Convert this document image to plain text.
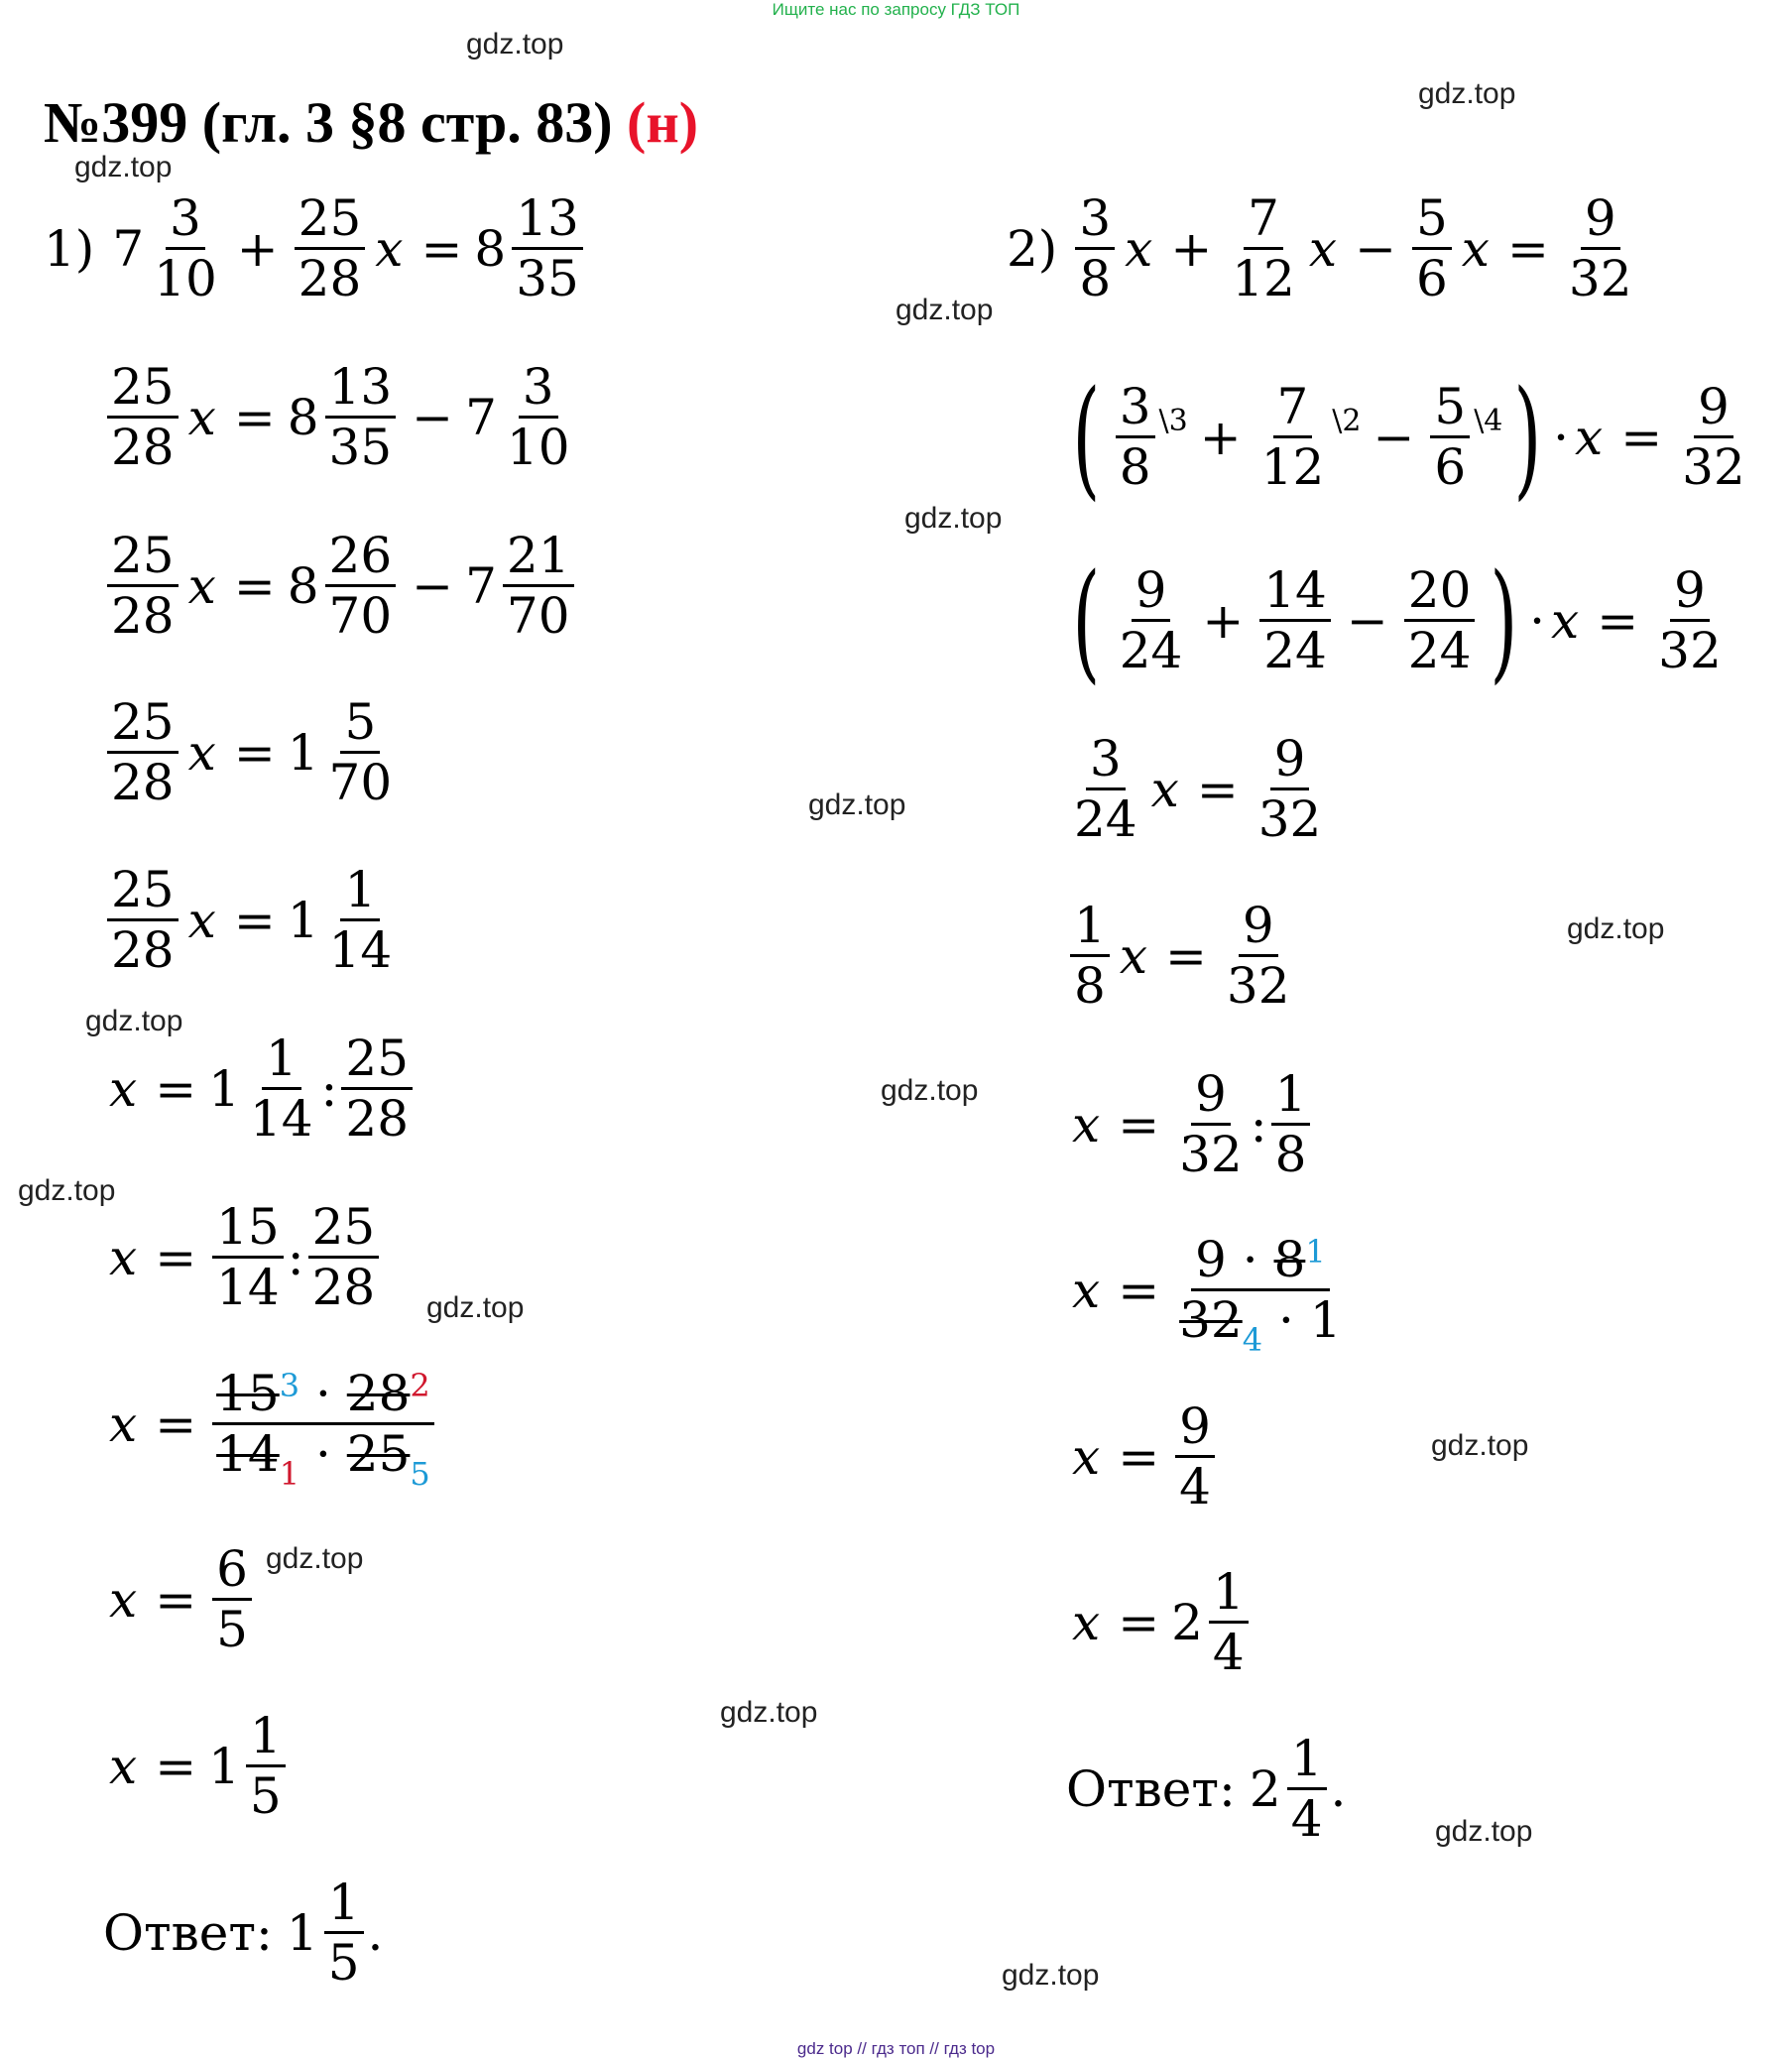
Ищите нас по запросу ГДЗ ТОП
gdz.top
gdz.top
gdz.top
gdz.top
gdz.top
gdz.top
gdz.top
gdz.top
gdz.top
gdz.top
gdz.top
gdz.top
gdz.top
gdz.top
gdz.top
gdz.top
№399 (гл. 3 §8 стр. 83) (н)
1) $7 \frac{3}{10} + \frac{25}{28}$ $x = 8 \frac{13}{35}$
$\frac{25}{28}$ $x = 8 \frac{13}{35} - 7 \frac{3}{10}$
$\frac{25}{28}$ $x = 8 \frac{26}{70} - 7 \frac{21}{70}$
$\frac{25}{28}$ $x = 1 \frac{5}{70}$
$\frac{25}{28}$ $x = 1 \frac{1}{14}$
$x = 1 \frac{1}{14}$ : $\frac{25}{28}$
$x = \frac{15}{14}$ : $\frac{25}{28}$
$x = \frac{15^3 \cdot 28^2}{14_1 \cdot 25_5}$
$x = \frac{6}{5}$
$x = 1 \frac{1}{5}$
Ответ: $1 \frac{1}{5}$ .
$2) \frac{3}{8}$ $x + \frac{7}{12}$ $x - \frac{5}{6}$ $x = \frac{9}{32}$
( $\frac{3}{8}$ \3 + $\frac{7}{12}$ \2 − $\frac{5}{6}$ \4 ) · $x = \frac{9}{32}$
( $\frac{9}{24} + \frac{14}{24} - \frac{20}{24}$ ) · $x = \frac{9}{32}$
$\frac{3}{24}$ $x = \frac{9}{32}$
$\frac{1}{8}$ $x = \frac{9}{32}$
$x = \frac{9}{32}$ : $\frac{1}{8}$
$x = \frac{9 \cdot 8^1}{32_4 \cdot 1}$
$x = \frac{9}{4}$
$x = 2 \frac{1}{4}$
Ответ: $2 \frac{1}{4}$ .
gdz top // гдз топ // гдз top
